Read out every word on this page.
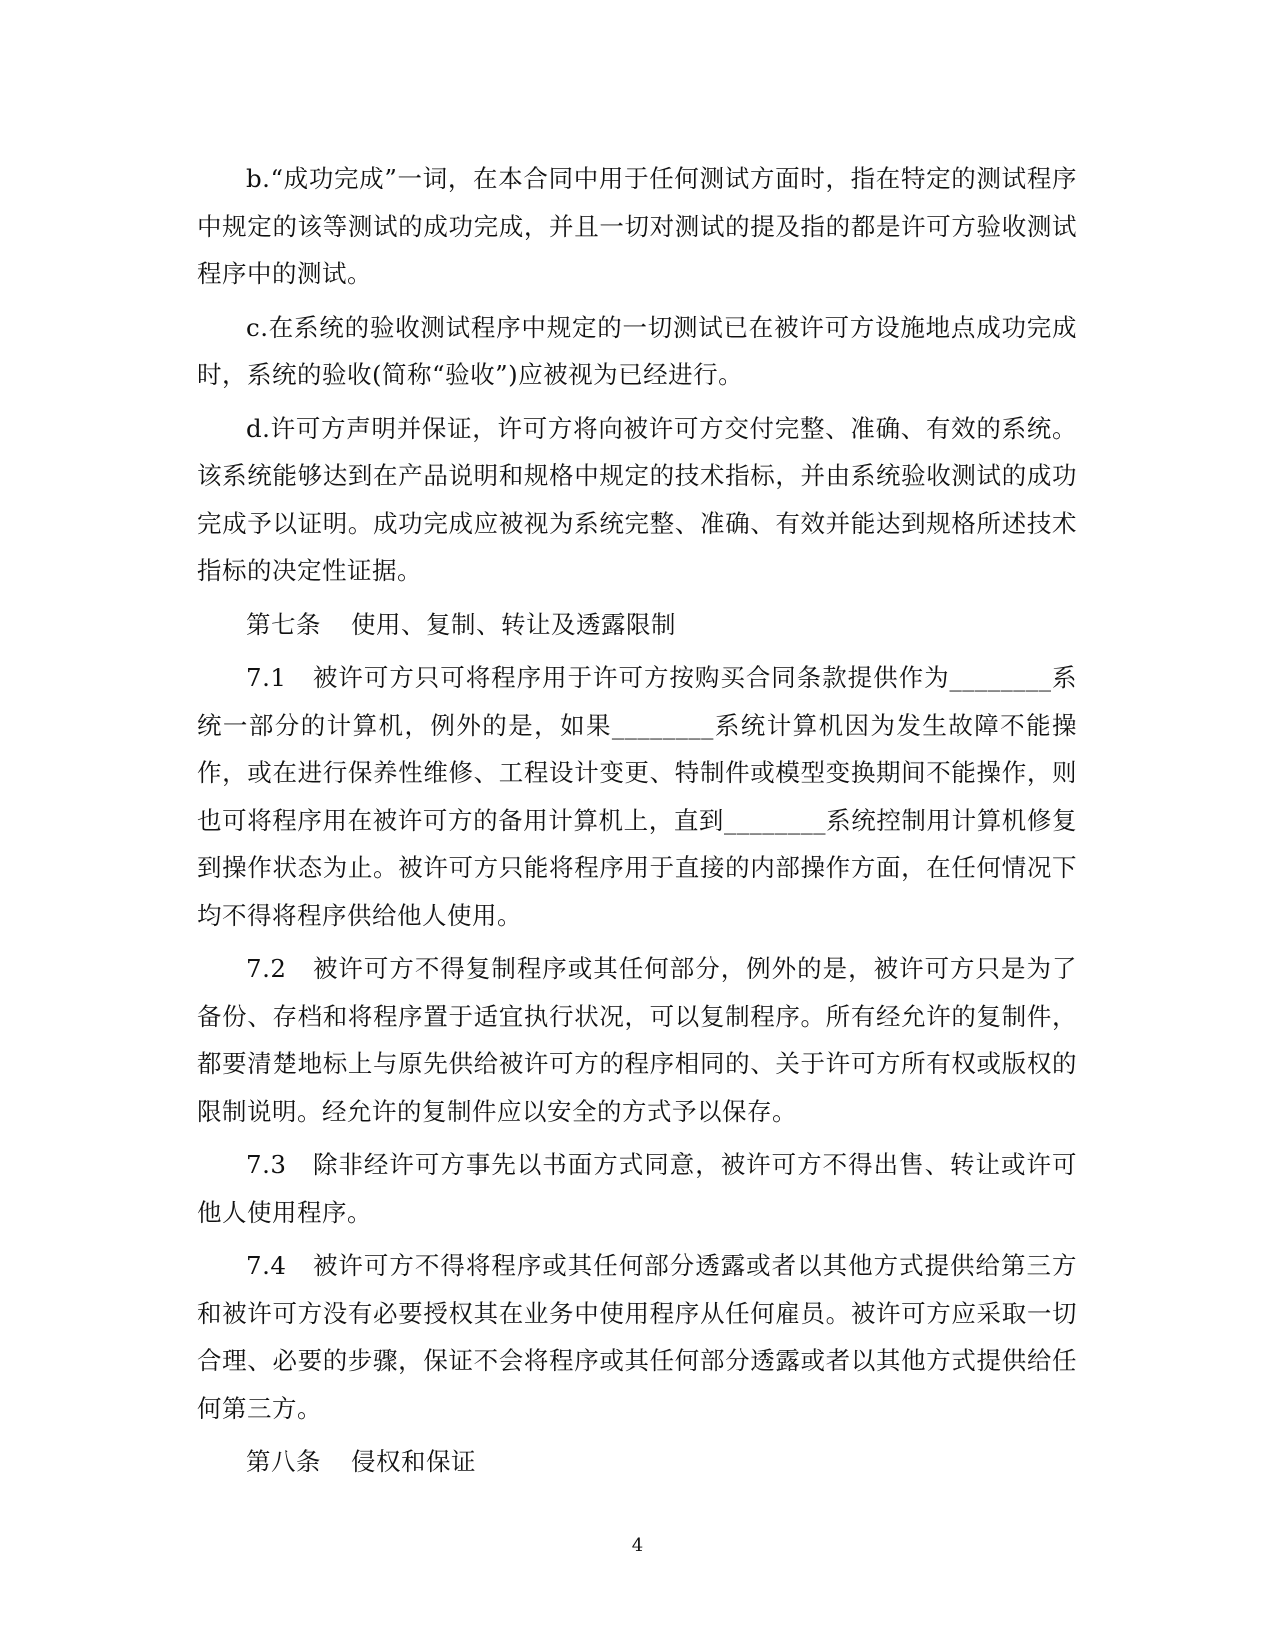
b.“成功完成”一词，在本合同中用于任何测试方面时，指在特定的测试程序中规定的该等测试的成功完成，并且一切对测试的提及指的都是许可方验收测试程序中的测试。

c.在系统的验收测试程序中规定的一切测试已在被许可方设施地点成功完成时，系统的验收(简称“验收”)应被视为已经进行。

d.许可方声明并保证，许可方将向被许可方交付完整、准确、有效的系统。该系统能够达到在产品说明和规格中规定的技术指标，并由系统验收测试的成功完成予以证明。成功完成应被视为系统完整、准确、有效并能达到规格所述技术指标的决定性证据。

第七条 使用、复制、转让及透露限制

7.1 被许可方只可将程序用于许可方按购买合同条款提供作为________系统一部分的计算机，例外的是，如果________系统计算机因为发生故障不能操作，或在进行保养性维修、工程设计变更、特制件或模型变换期间不能操作，则也可将程序用在被许可方的备用计算机上，直到________系统控制用计算机修复到操作状态为止。被许可方只能将程序用于直接的内部操作方面，在任何情况下均不得将程序供给他人使用。

7.2 被许可方不得复制程序或其任何部分，例外的是，被许可方只是为了备份、存档和将程序置于适宜执行状况，可以复制程序。所有经允许的复制件，都要清楚地标上与原先供给被许可方的程序相同的、关于许可方所有权或版权的限制说明。经允许的复制件应以安全的方式予以保存。

7.3 除非经许可方事先以书面方式同意，被许可方不得出售、转让或许可他人使用程序。

7.4 被许可方不得将程序或其任何部分透露或者以其他方式提供给第三方和被许可方没有必要授权其在业务中使用程序从任何雇员。被许可方应采取一切合理、必要的步骤，保证不会将程序或其任何部分透露或者以其他方式提供给任何第三方。

第八条 侵权和保证

4
